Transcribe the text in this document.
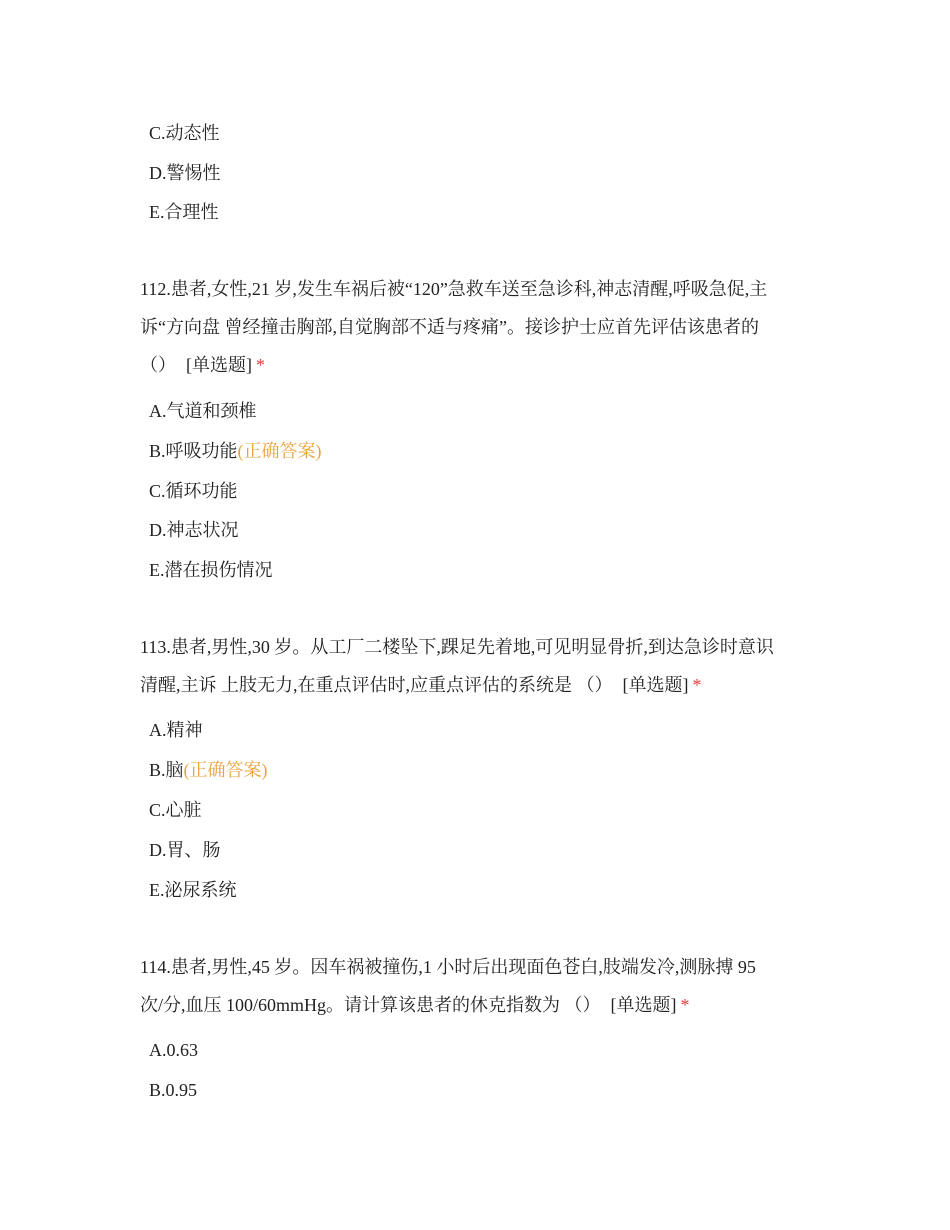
C.动态性
D.警惕性
E.合理性
112.患者,女性,21 岁,发生车祸后被“120”急救车送至急诊科,神志清醒,呼吸急促,主
诉“方向盘 曾经撞击胸部,自觉胸部不适与疼痛”。接诊护士应首先评估该患者的
（） [单选题] *
A.气道和颈椎
B.呼吸功能(正确答案)
C.循环功能
D.神志状况
E.潜在损伤情况
113.患者,男性,30 岁。从工厂二楼坠下,踝足先着地,可见明显骨折,到达急诊时意识
清醒,主诉 上肢无力,在重点评估时,应重点评估的系统是 （） [单选题] *
A.精神
B.脑(正确答案)
C.心脏
D.胃、肠
E.泌尿系统
114.患者,男性,45 岁。因车祸被撞伤,1 小时后出现面色苍白,肢端发冷,测脉搏 95
次/分,血压 100/60mmHg。请计算该患者的休克指数为 （） [单选题] *
A.0.63
B.0.95
